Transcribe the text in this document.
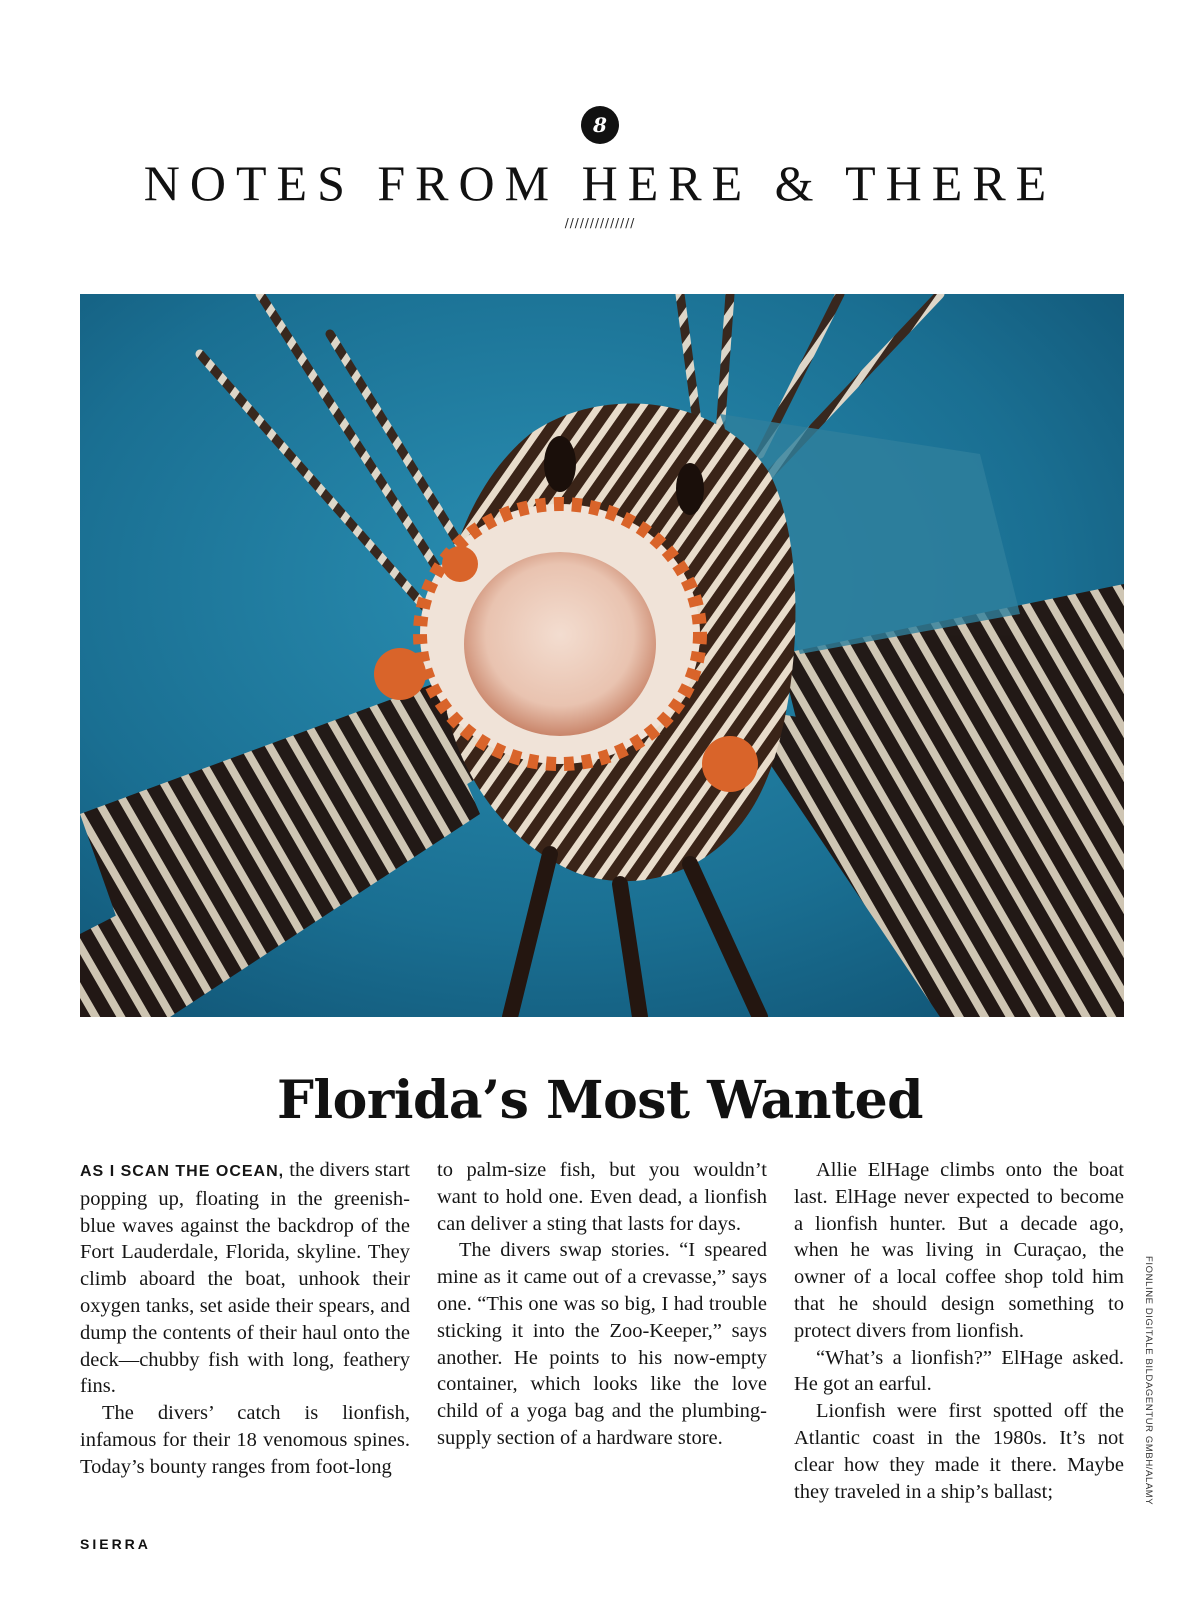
8
NOTES FROM HERE & THERE
//////////////
Florida’s Most Wanted

AS I SCAN THE OCEAN, the divers start popping up, floating in the greenish-blue waves against the backdrop of the Fort Lauderdale, Florida, skyline. They climb aboard the boat, unhook their oxygen tanks, set aside their spears, and dump the contents of their haul onto the deck—chubby fish with long, feathery fins.

The divers’ catch is lionfish, infamous for their 18 venomous spines. Today’s bounty ranges from foot-long

to palm-size fish, but you wouldn’t want to hold one. Even dead, a lionfish can deliver a sting that lasts for days.

The divers swap stories. “I speared mine as it came out of a crevasse,” says one. “This one was so big, I had trouble sticking it into the Zoo-Keeper,” says another. He points to his now-empty container, which looks like the love child of a yoga bag and the plumbing-supply section of a hardware store.

Allie ElHage climbs onto the boat last. ElHage never expected to become a lionfish hunter. But a decade ago, when he was living in Curaçao, the owner of a local coffee shop told him that he should design something to protect divers from lionfish.

“What’s a lionfish?” ElHage asked. He got an earful.

Lionfish were first spotted off the Atlantic coast in the 1980s. It’s not clear how they made it there. Maybe they traveled in a ship’s ballast;	FIONLINE DIGITALE BILDAGENTUR GMBH/ALAMY
SIERRA
